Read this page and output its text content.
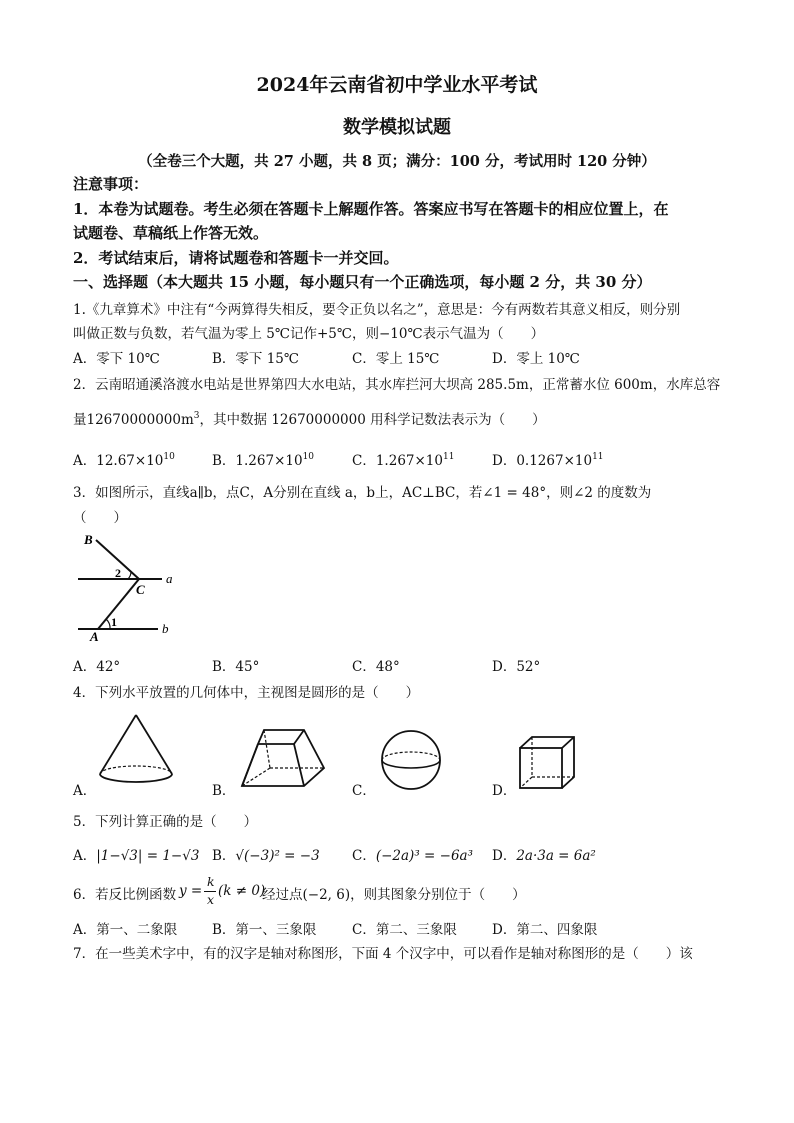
2024年云南省初中学业水平考试
数学模拟试题
（全卷三个大题，共 27 小题，共 8 页；满分：100 分，考试用时 120 分钟）
注意事项：
1．本卷为试题卷。考生必须在答题卡上解题作答。答案应书写在答题卡的相应位置上，在
试题卷、草稿纸上作答无效。
2．考试结束后，请将试题卷和答题卡一并交回。
一、选择题（本大题共 15 小题，每小题只有一个正确选项，每小题 2 分，共 30 分）
1.《九章算术》中注有“今两算得失相反，要令正负以名之”，意思是：今有两数若其意义相反，则分别
叫做正数与负数，若气温为零上 5℃记作+5℃，则−10℃表示气温为（　　）
A．零下 10℃	B．零下 15℃	C．零上 15℃	D．零上 10℃
2．云南昭通溪洛渡水电站是世界第四大水电站，其水库拦河大坝高 285.5m，正常蓄水位 600m，水库总容
量$12670000000m^3$，其中数据 12670000000 用科学记数法表示为（　　）
A．$12.67\times 10^{10}$	B．$1.267\times 10^{10}$	C．$1.267\times 10^{11}$	D．$0.1267\times 10^{11}$
3．如图所示，直线a∥b，点C，A分别在直线 a，b上，AC⊥BC，若∠1 = 48°，则∠2 的度数为
（　　）
B
C
A
a
b
1
2
A．42°	B．45°	C．48°	D．52°
4．下列水平放置的几何体中，主视图是圆形的是（　　）
A．	B．	C．	D．
5．下列计算正确的是（　　）
A．|1−√3| = 1−√3 B．√(−3)² = −3 C．(−2a)³ = −6a³ D．2a·3a = 6a²
6．若反比例函数 y =
k
x
(k ≠ 0)
经过点(−2, 6)，则其图象分别位于（　　）
A．第一、二象限	B．第一、三象限	C．第二、三象限	D．第二、四象限
7．在一些美术字中，有的汉字是轴对称图形，下面 4 个汉字中，可以看作是轴对称图形的是（　　）该
